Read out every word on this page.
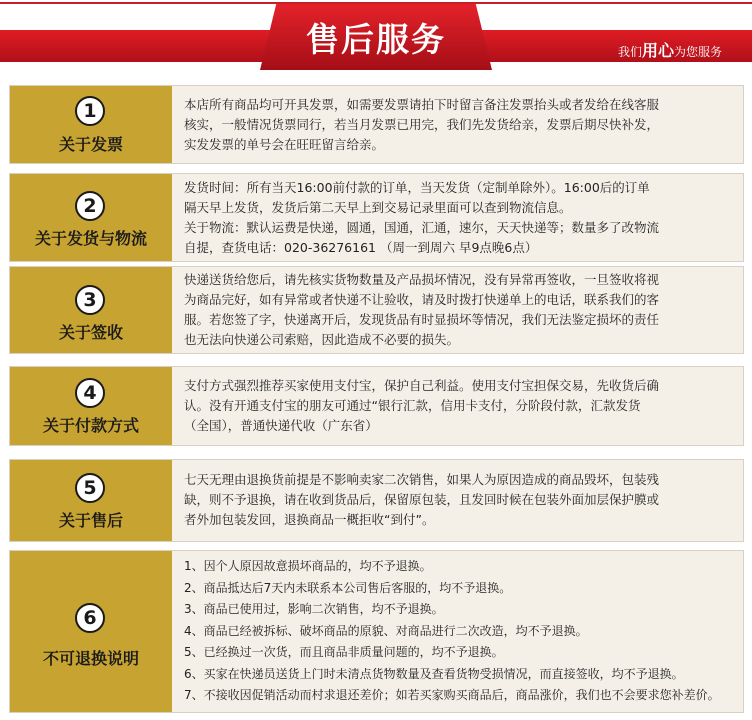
售后服务	我们用心为您服务
1
关于发票

本店所有商品均可开具发票，如需要发票请拍下时留言备注发票抬头或者发给在线客服

核实，一般情况货票同行，若当月发票已用完，我们先发货给亲，发票后期尽快补发，

实发发票的单号会在旺旺留言给亲。

2
关于发货与物流

发货时间：所有当天16:00前付款的订单，当天发货（定制单除外）。16:00后的订单

隔天早上发货，发货后第二天早上到交易记录里面可以查到物流信息。

关于物流：默认运费是快递，圆通，国通，汇通，速尔，天天快递等；数量多了改物流

自提，查货电话：020-36276161 （周一到周六 早9点晚6点）

3
关于签收

快递送货给您后，请先核实货物数量及产品损坏情况，没有异常再签收，一旦签收将视

为商品完好，如有异常或者快递不让验收，请及时拨打快递单上的电话，联系我们的客

服。若您签了字，快递离开后，发现货品有时显损坏等情况，我们无法鉴定损坏的责任

也无法向快递公司索赔，因此造成不必要的损失。

4
关于付款方式

支付方式强烈推荐买家使用支付宝，保护自己利益。使用支付宝担保交易，先收货后确

认。没有开通支付宝的朋友可通过“银行汇款，信用卡支付，分阶段付款，汇款发货

（全国），普通快递代收（广东省）

5
关于售后

七天无理由退换货前提是不影响卖家二次销售，如果人为原因造成的商品毁坏，包装残

缺，则不予退换，请在收到货品后，保留原包装，且发回时候在包装外面加层保护膜或

者外加包装发回，退换商品一概拒收“到付”。

6
不可退换说明

1、因个人原因故意损坏商品的，均不予退换。

2、商品抵达后7天内未联系本公司售后客服的，均不予退换。

3、商品已使用过，影响二次销售，均不予退换。

4、商品已经被拆标、破坏商品的原貌、对商品进行二次改造，均不予退换。

5、已经换过一次货，而且商品非质量问题的，均不予退换。

6、买家在快递员送货上门时未清点货物数量及查看货物受损情况，而直接签收，均不予退换。

7、不接收因促销活动而村求退还差价；如若买家购买商品后，商品涨价，我们也不会要求您补差价。
